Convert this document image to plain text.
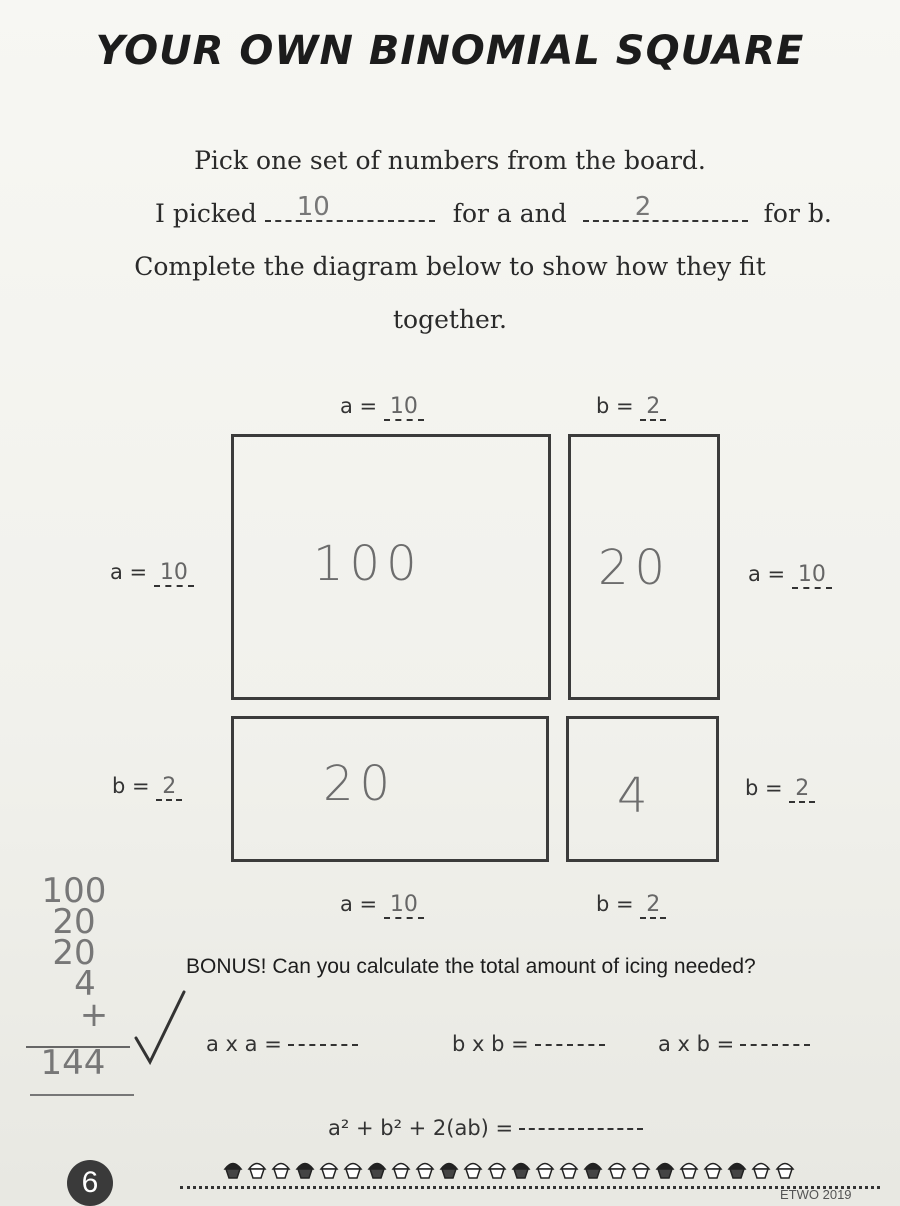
YOUR OWN BINOMIAL SQUARE
Pick one set of numbers from the board.
I picked 10	for a and	2	for b.
Complete the diagram below to show how they fit
together.
a = 10	b = 2
100	20
20	4
a = 10	a = 10
b = 2	b = 2
a = 10	b = 2
100
20
20
4
+
144
BONUS! Can you calculate the total amount of icing needed?
a x a =	b x b =	a x b =
a² + b² + 2(ab) =
6	ETWO 2019
